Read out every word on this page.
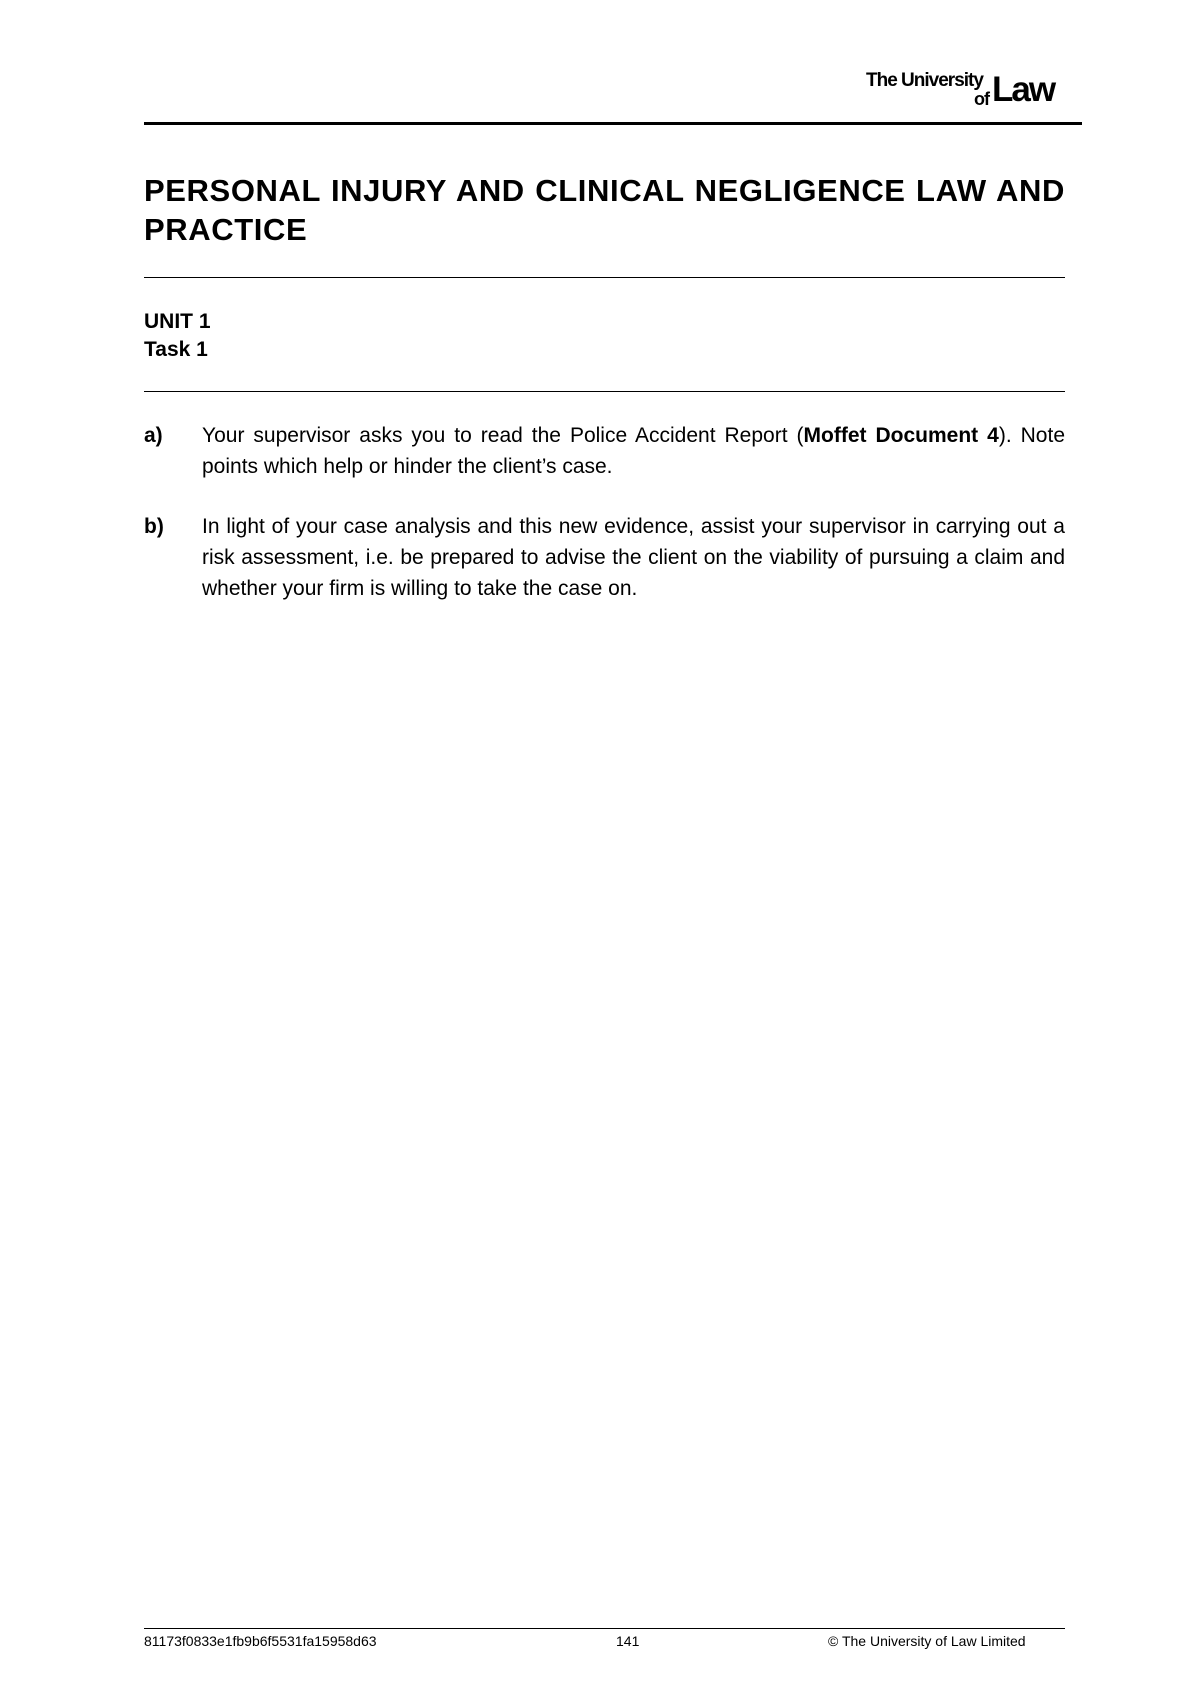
The University
of Law
PERSONAL INJURY AND CLINICAL NEGLIGENCE LAW AND PRACTICE
UNIT 1
Task 1
a) Your supervisor asks you to read the Police Accident Report (Moffet Document 4). Note points which help or hinder the client’s case.
b) In light of your case analysis and this new evidence, assist your supervisor in carrying out a risk assessment, i.e. be prepared to advise the client on the viability of pursuing a claim and whether your firm is willing to take the case on.
81173f0833e1fb9b6f5531fa15958d63	141	© The University of Law Limited
